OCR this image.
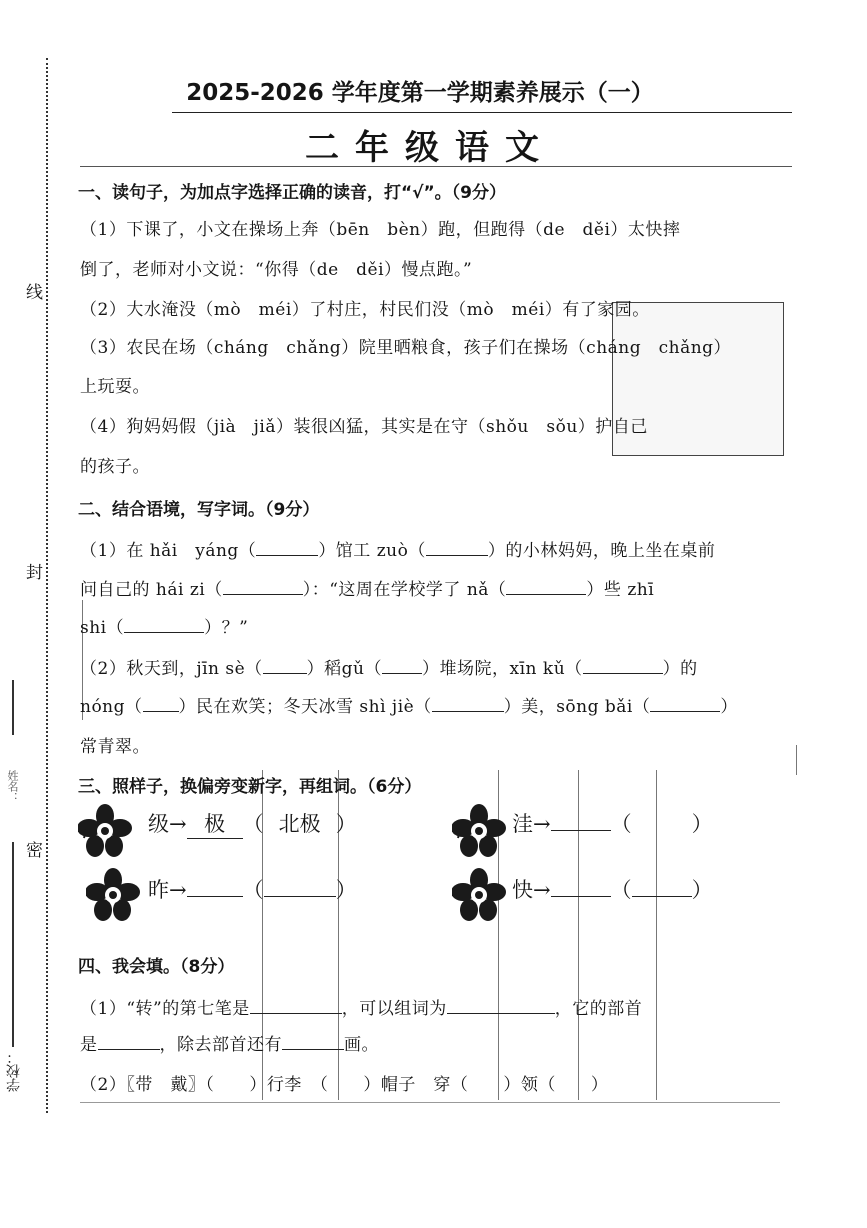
线
封
密
姓名：
学校：
2025-2026 学年度第一学期素养展示（一）
二年级语文
一、读句子，为加点字选择正确的读音，打“√”。（9分）
（1）下课了，小文在操场上奔（bēn　bèn）跑，但跑得（de　děi）太快摔
倒了，老师对小文说：“你得（de　děi）慢点跑。”
（2）大水淹没（mò　méi）了村庄，村民们没（mò　méi）有了家园。
（3）农民在场（cháng　chǎng）院里晒粮食，孩子们在操场（cháng　chǎng）
上玩耍。
（4）狗妈妈假（jià　jiǎ）装很凶猛，其实是在守（shǒu　sǒu）护自己
的孩子。
二、结合语境，写字词。（9分）
（1）在 hǎi　yáng（	）馆工 zuò（	）的小林妈妈，晚上坐在桌前
问自己的 hái zi（	）：“这周在学校学了 nǎ（	）些 zhī
shi（	）？”
（2）秋天到，jīn sè（	）稻gǔ（ ）堆场院，xīn kǔ（	）的
nóng（ ）民在欢笑；冬天冰雪 shì jiè（	）美，sōng bǎi（	）
常青翠。
三、照样子，换偏旁变新字，再组词。（6分）
级→ 极 （ 北极 ）	洼→	（	）
昨→	（	）	快→	（	）
四、我会填。（8分）
（1）“转”的第七笔是	，可以组词为	，它的部首
是	，除去部首还有	画。
（2）〖带　 戴〗（　　 ）行李　 （　　 ）帽子　 穿（　　 ）领（　　 ）
